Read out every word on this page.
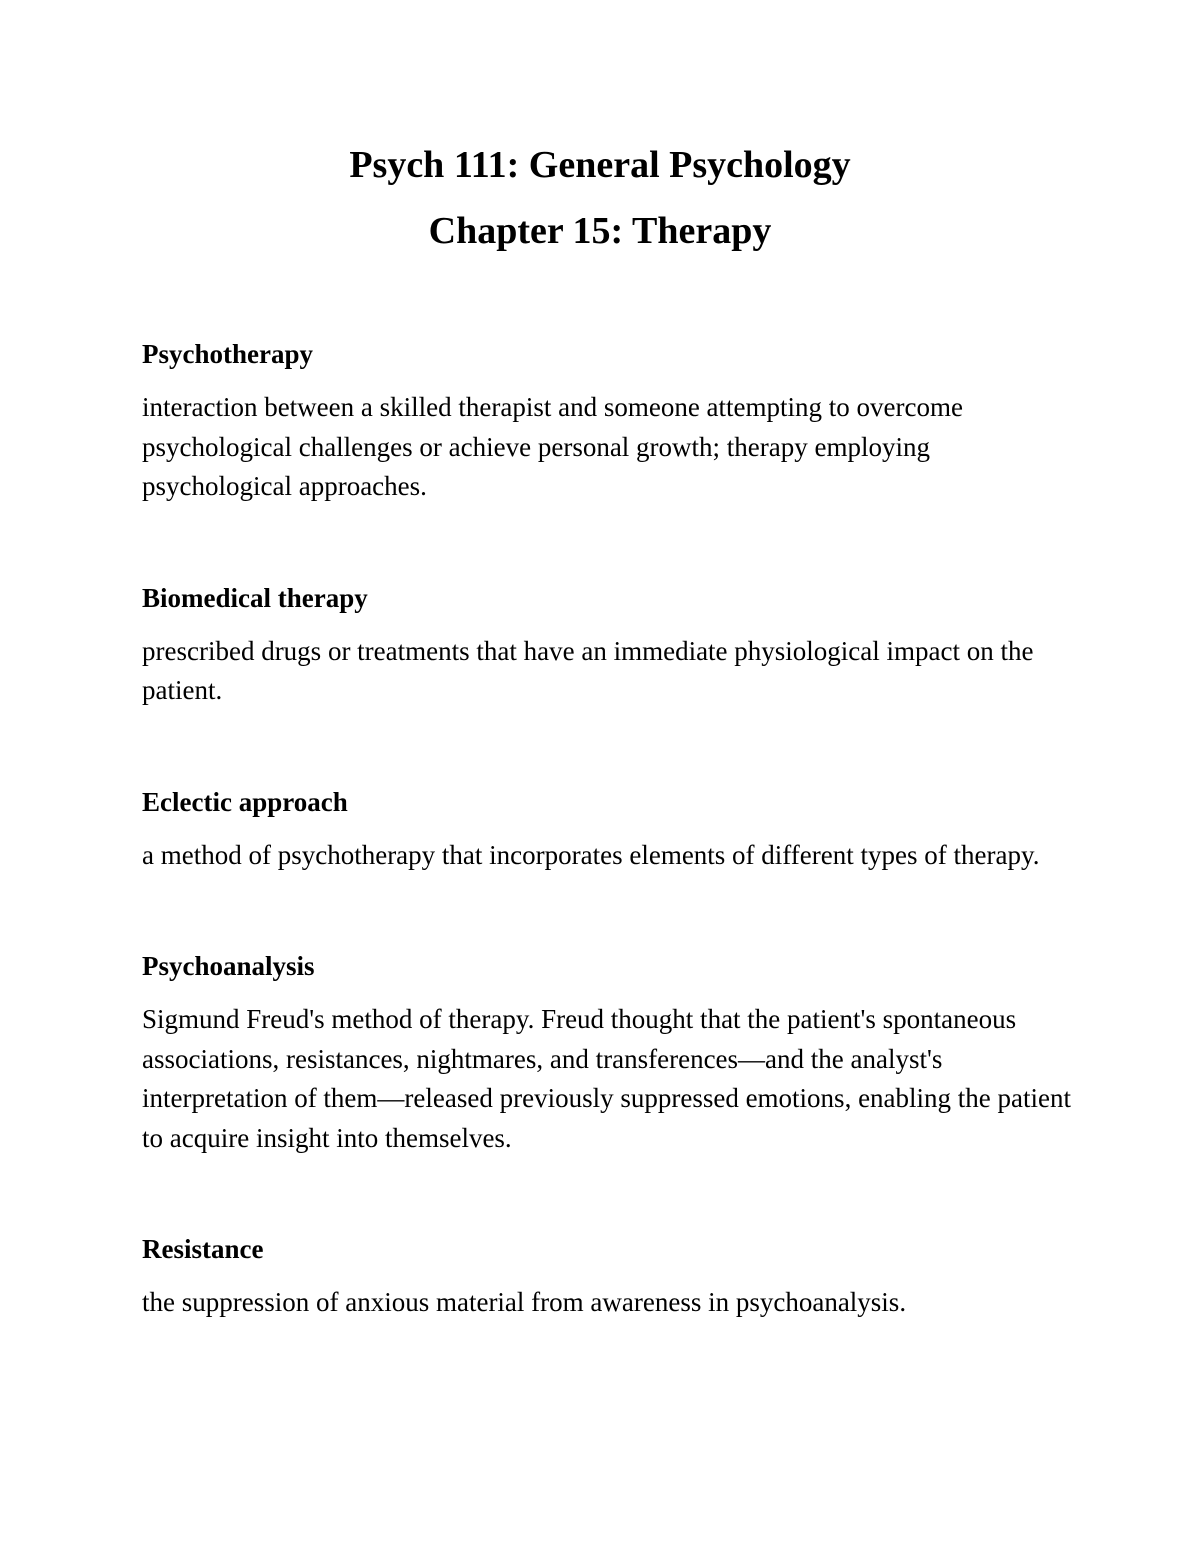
Psych 111: General Psychology
Chapter 15: Therapy

Psychotherapy

interaction between a skilled therapist and someone attempting to overcome psychological challenges or achieve personal growth; therapy employing psychological approaches.

Biomedical therapy

prescribed drugs or treatments that have an immediate physiological impact on the patient.

Eclectic approach

a method of psychotherapy that incorporates elements of different types of therapy.

Psychoanalysis

Sigmund Freud's method of therapy. Freud thought that the patient's spontaneous associations, resistances, nightmares, and transferences—and the analyst's interpretation of them—released previously suppressed emotions, enabling the patient to acquire insight into themselves.

Resistance

the suppression of anxious material from awareness in psychoanalysis.
